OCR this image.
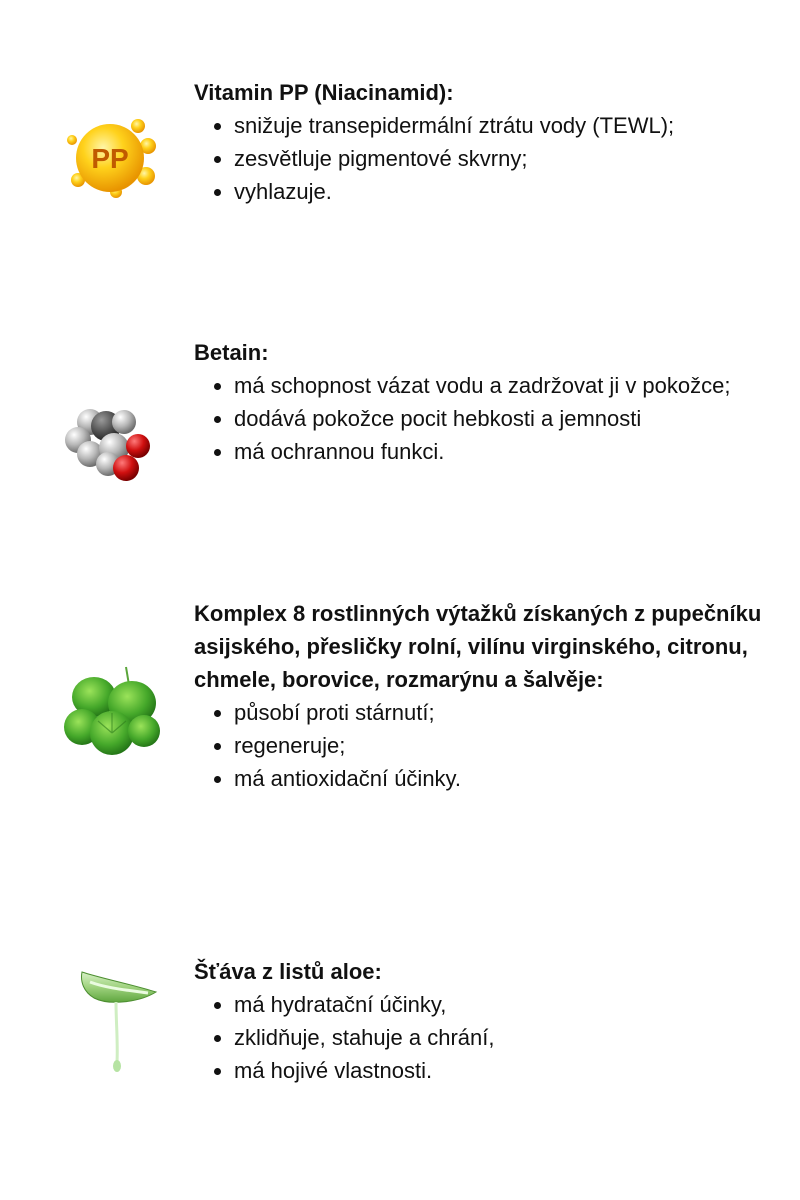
PP
Vitamin PP (Niacinamid):
• snižuje transepidermální ztrátu vody (TEWL);
• zesvětluje pigmentové skvrny;
• vyhlazuje.
Betain:
• má schopnost vázat vodu a zadržovat ji v pokožce;
• dodává pokožce pocit hebkosti a jemnosti
• má ochrannou funkci.
Komplex 8 rostlinných výtažků získaných z pupečníku asijského, přesličky rolní, vilínu virginského, citronu, chmele, borovice, rozmarýnu a šalvěje:
• působí proti stárnutí;
• regeneruje;
• má antioxidační účinky.
Šťáva z listů aloe:
• má hydratační účinky,
• zklidňuje, stahuje a chrání,
• má hojivé vlastnosti.
